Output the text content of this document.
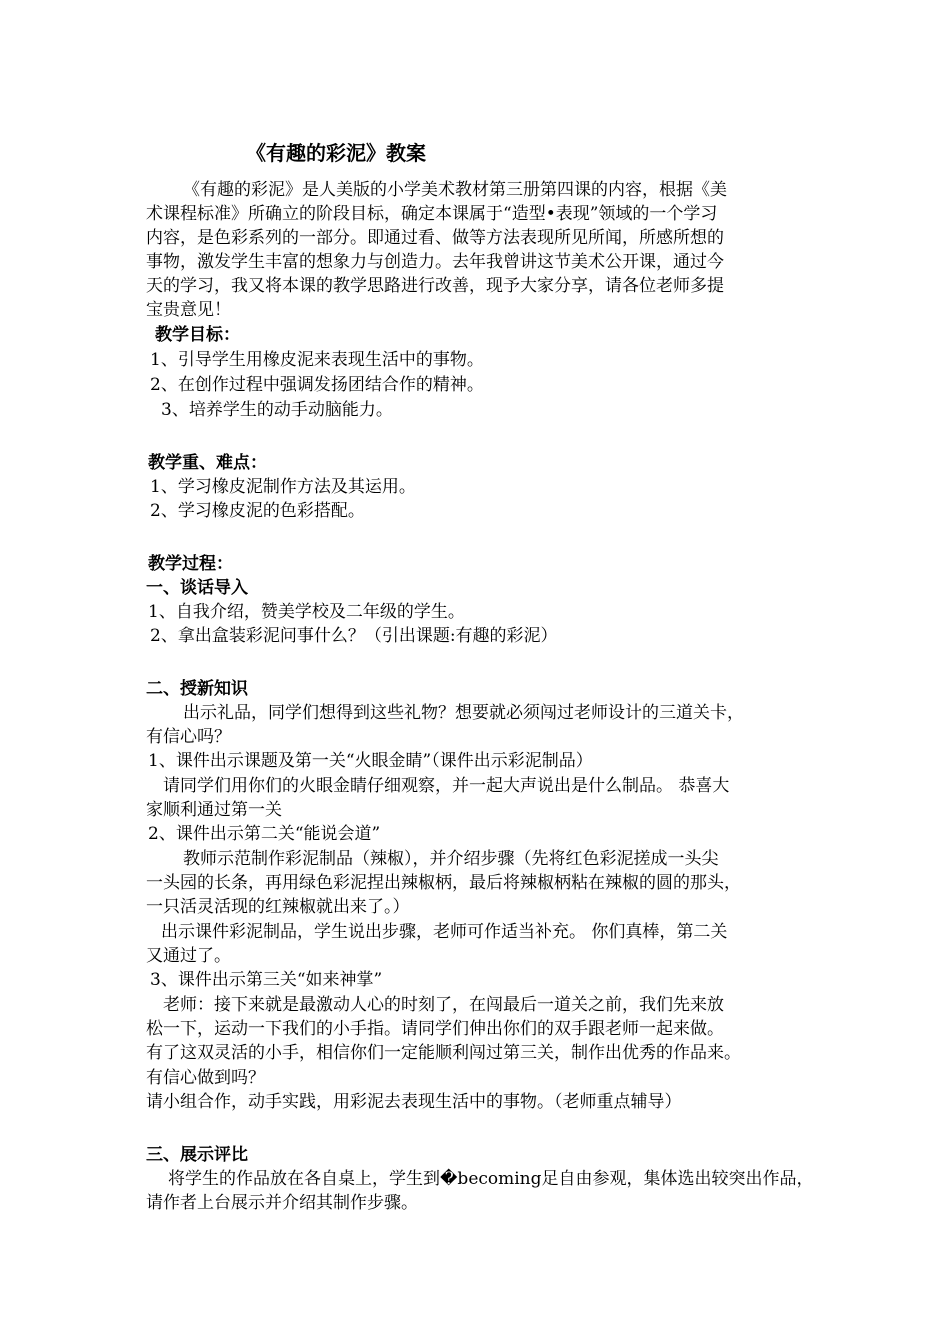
《有趣的彩泥》教案
《有趣的彩泥》是人美版的小学美术教材第三册第四课的内容，根据《美
术课程标准》所确立的阶段目标，确定本课属于“造型•表现”领域的一个学习
内容，是色彩系列的一部分。即通过看、做等方法表现所见所闻，所感所想的
事物，激发学生丰富的想象力与创造力。去年我曾讲这节美术公开课，通过今
天的学习，我又将本课的教学思路进行改善，现予大家分享，请各位老师多提
宝贵意见！
教学目标：
1、引导学生用橡皮泥来表现生活中的事物。
2、在创作过程中强调发扬团结合作的精神。
3、培养学生的动手动脑能力。
教学重、难点：
1、学习橡皮泥制作方法及其运用。
2、学习橡皮泥的色彩搭配。
教学过程：
一、谈话导入
1、自我介绍，赞美学校及二年级的学生。
2、拿出盒装彩泥问事什么？（引出课题:有趣的彩泥）
二、授新知识
出示礼品，同学们想得到这些礼物？想要就必须闯过老师设计的三道关卡，
有信心吗？
1、课件出示课题及第一关“火眼金睛”（课件出示彩泥制品）
请同学们用你们的火眼金睛仔细观察，并一起大声说出是什么制品。 恭喜大
家顺利通过第一关
2、课件出示第二关“能说会道”
教师示范制作彩泥制品（辣椒），并介绍步骤（先将红色彩泥搓成一头尖
一头园的长条，再用绿色彩泥捏出辣椒柄，最后将辣椒柄粘在辣椒的圆的那头，
一只活灵活现的红辣椒就出来了。）
出示课件彩泥制品，学生说出步骤，老师可作适当补充。 你们真棒，第二关
又通过了。
3、课件出示第三关“如来神掌”
老师：接下来就是最激动人心的时刻了，在闯最后一道关之前，我们先来放
松一下，运动一下我们的小手指。请同学们伸出你们的双手跟老师一起来做。
有了这双灵活的小手，相信你们一定能顺利闯过第三关，制作出优秀的作品来。
有信心做到吗？
请小组合作，动手实践，用彩泥去表现生活中的事物。（老师重点辅导）
三、展示评比
将学生的作品放在各自桌上，学生到�becoming足自由参观，集体选出较突出作品，
请作者上台展示并介绍其制作步骤。
